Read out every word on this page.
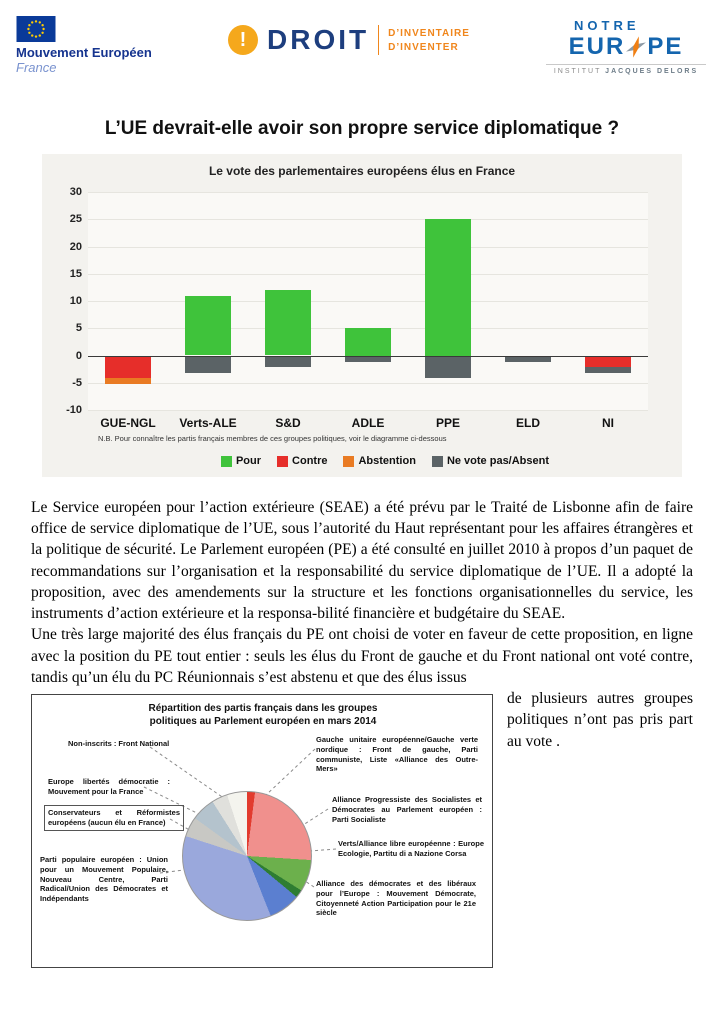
Mouvement Européen
France
! DROIT D’INVENTAIRE
D’INVENTER
NOTRE
EUR PE
INSTITUT JACQUES DELORS
L’UE devrait-elle avoir son propre service diplomatique ?
Le vote des parlementaires européens élus en France
30
25
20
15
10
5
0
-5
-10
GUE-NGL	Verts-ALE	S&D	ADLE	PPE	ELD	NI
N.B. Pour connaître les partis français membres de ces groupes politiques, voir le diagramme ci-dessous
Pour	Contre	Abstention	Ne vote pas/Absent

Le Service européen pour l’action extérieure (SEAE) a été prévu par le Traité de Lisbonne afin de faire office de service diplomatique de l’UE, sous l’autorité du Haut représentant pour les affaires étrangères et la politique de sécurité. Le Parlement européen (PE) a été consulté en juillet 2010 à propos d’un paquet de recommandations sur l’organisation et la responsabilité du service diplomatique de l’UE. Il a adopté la proposition, avec des amendements sur la structure et les fonctions organisationnelles du service, les instruments d’action extérieure et la responsa-bilité financière et budgétaire du SEAE.

Une très large majorité des élus français du PE ont choisi de voter en faveur de cette proposition, en ligne avec la position du PE tout entier : seuls les élus du Front de gauche et du Front national ont voté contre, tandis qu’un élu du PC Réunionnais s’est abstenu et que des élus issus

Répartition des partis français dans les groupes politiques au Parlement européen en mars 2014
Non-inscrits : Front National	Gauche unitaire européenne/Gauche verte nordique : Front de gauche, Parti communiste, Liste «Alliance des Outre-Mers»
Europe libertés démocratie : Mouvement pour la France
Alliance Progressiste des Socialistes et Démocrates au Parlement européen : Parti Socialiste
Conservateurs et Réformistes européens (aucun élu en France)
Verts/Alliance libre européenne : Europe Ecologie, Partitu di a Nazione Corsa
Parti populaire européen : Union pour un Mouvement Populaire, Nouveau Centre, Parti Radical/Union des Démocrates et Indépendants
Alliance des démocrates et des libéraux pour l’Europe : Mouvement Démocrate, Citoyenneté Action Participation pour le 21e siècle

de plusieurs autres groupes politiques n’ont pas pris part au vote .
